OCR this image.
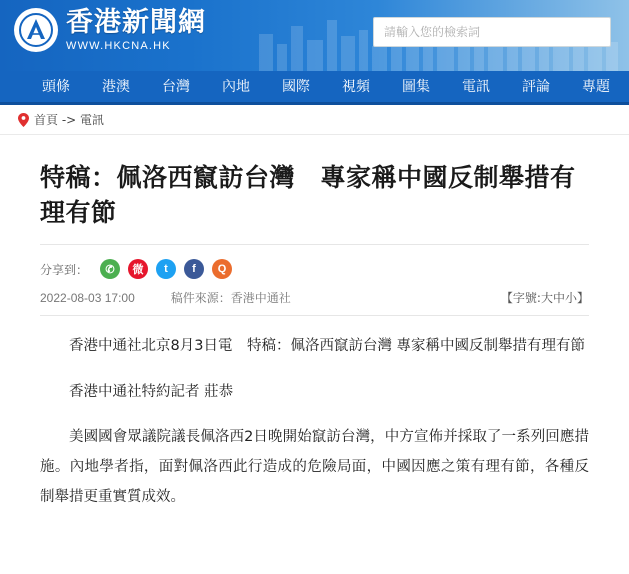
香港新聞網
WWW.HKCNA.HK
請輸入您的檢索詞
頭條	港澳	台灣	內地	國際	視頻	圖集	電訊	評論	專題
首頁 -> 電訊
特稿：佩洛西竄訪台灣　專家稱中國反制舉措有理有節
分享到：	✆	微	t	f	Q
2022-08-03 17:00	稿件來源：香港中通社	【字號:大中小】

香港中通社北京8月3日電　特稿：佩洛西竄訪台灣 專家稱中國反制舉措有理有節

香港中通社特約記者 莊恭

美國國會眾議院議長佩洛西2日晚開始竄訪台灣，中方宣佈并採取了一系列回應措施。內地學者指，面對佩洛西此行造成的危險局面，中國因應之策有理有節，各種反制舉措更重實質成效。
